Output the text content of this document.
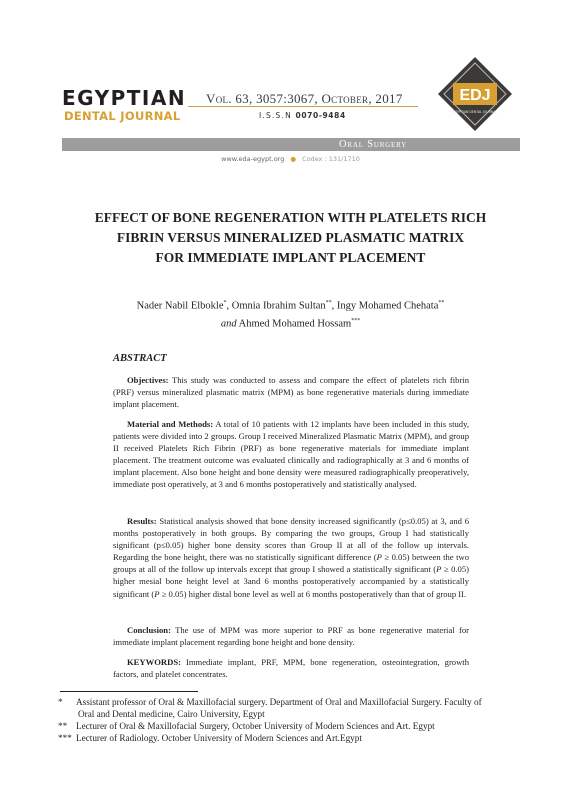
EGYPTIAN
DENTAL JOURNAL
Vol. 63, 3057:3067, October, 2017
I.S.S.N 0070-9484
EDJ
EGYPTIAN DENTAL JOURNAL
Oral Surgery
www.eda-egypt.org ● Codex : 131/1710
EFFECT OF BONE REGENERATION WITH PLATELETS RICH
FIBRIN VERSUS MINERALIZED PLASMATIC MATRIX
FOR IMMEDIATE IMPLANT PLACEMENT
Nader Nabil Elbokle*, Omnia Ibrahim Sultan**, Ingy Mohamed Chehata**
and Ahmed Mohamed Hossam***
ABSTRACT

Objectives: This study was conducted to assess and compare the effect of platelets rich fibrin (PRF) versus mineralized plasmatic matrix (MPM) as bone regenerative materials during immediate implant placement.

Material and Methods: A total of 10 patients with 12 implants have been included in this study, patients were divided into 2 groups. Group I received Mineralized Plasmatic Matrix (MPM), and group II received Platelets Rich Fibrin (PRF) as bone regenerative materials for immediate implant placement. The treatment outcome was evaluated clinically and radiographically at 3 and 6 months of implant placement. Also bone height and bone density were measured radiographically preoperatively, immediate post operatively, at 3 and 6 months postoperatively and statistically analysed.

Results: Statistical analysis showed that bone density increased significantly (p≤0.05) at 3, and 6 months postoperatively in both groups. By comparing the two groups, Group I had statistically significant (p≤0.05) higher bone density scores than Group II at all of the follow up intervals. Regarding the bone height, there was no statistically significant difference (P ≥ 0.05) between the two groups at all of the follow up intervals except that group I showed a statistically significant (P ≥ 0.05) higher mesial bone height level at 3and 6 months postoperatively accompanied by a statistically significant (P ≥ 0.05) higher distal bone level as well at 6 months postoperatively than that of group II.

Conclusion: The use of MPM was more superior to PRF as bone regenerative material for immediate implant placement regarding bone height and bone density.

KEYWORDS: Immediate implant, PRF, MPM, bone regeneration, osteointegration, growth factors, and platelet concentrates.

* Assistant professor of Oral & Maxillofacial surgery. Department of Oral and Maxillofacial Surgery. Faculty of
Oral and Dental medicine, Cairo University, Egypt
** Lecturer of Oral & Maxillofacial Surgery, October University of Modern Sciences and Art. Egypt
*** Lecturer of Radiology. October University of Modern Sciences and Art.Egypt
